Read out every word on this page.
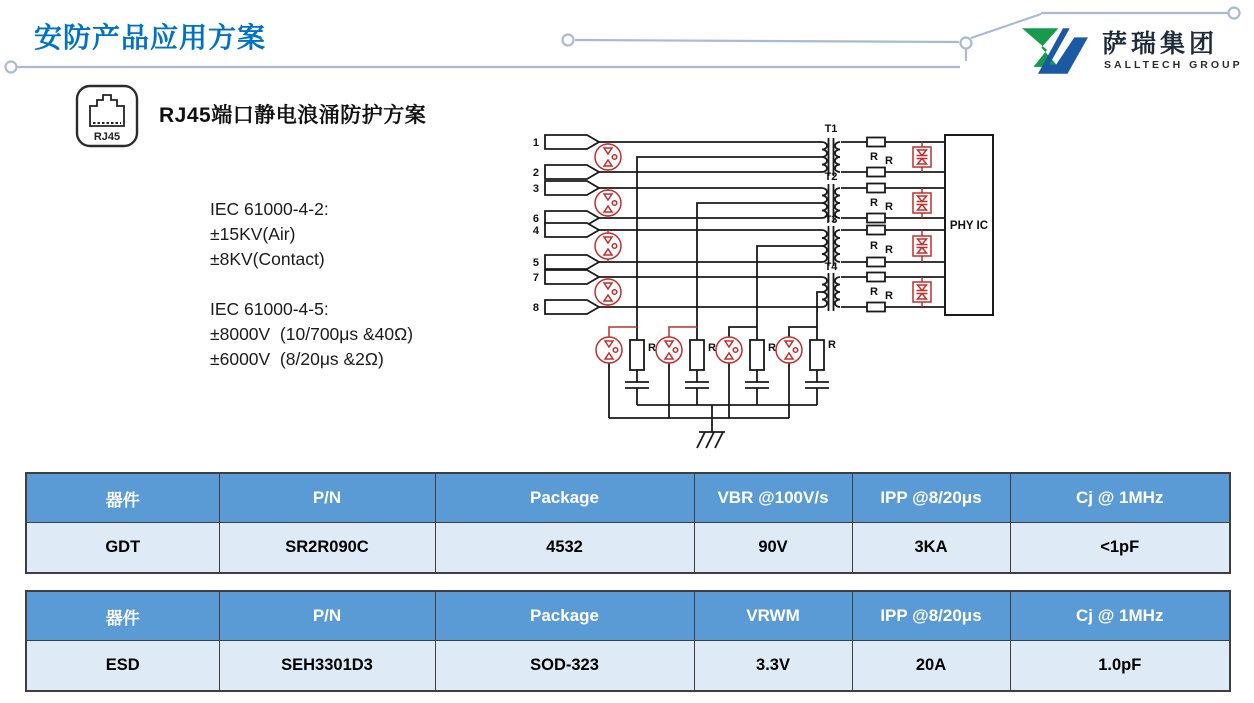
安防产品应用方案	萨瑞集团
SALLTECH GROUP
RJ45
RJ45端口静电浪涌防护方案
IEC 61000-4-2:
±15KV(Air)
±8KV(Contact)
IEC 61000-4-5:
±8000V  (10/700μs &40Ω)
±6000V  (8/20μs &2Ω)
PHY IC
1
2
3
6
4
5
7
8
T1
T2
T3
T4
R R
R R
R R
R R
R	R	R	R
器件	P/N	Package	VBR @100V/s	IPP @8/20μs	Cj @ 1MHz
GDT	SR2R090C	4532	90V	3KA	<1pF
器件	P/N	Package	VRWM	IPP @8/20μs	Cj @ 1MHz
ESD	SEH3301D3	SOD-323	3.3V	20A	1.0pF
